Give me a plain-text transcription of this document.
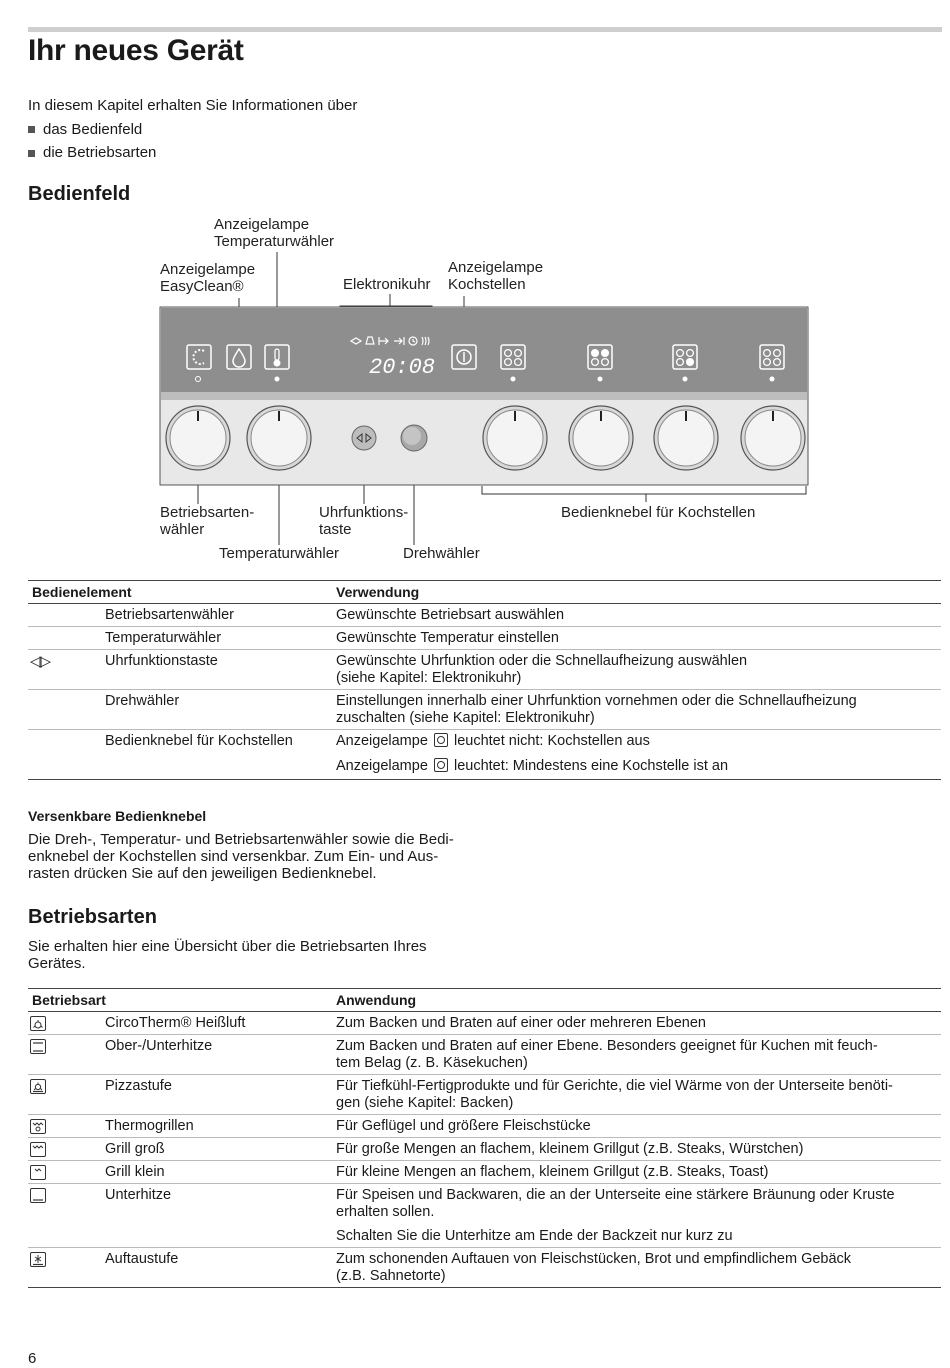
Ihr neues Gerät
In diesem Kapitel erhalten Sie Informationen über
das Bedienfeld
die Betriebsarten
Bedienfeld
Anzeigelampe
Temperaturwähler
Anzeigelampe
EasyClean®	Elektronikuhr
Anzeigelampe
Kochstellen
Betriebsarten-
wähler
Temperaturwähler
Uhrfunktions-
taste
Drehwähler
Bedienknebel für Kochstellen
20:08
Bedienelement		Verwendung
	Betriebsartenwähler	Gewünschte Betriebsart auswählen
	Temperaturwähler	Gewünschte Temperatur einstellen
◁▷	Uhrfunktionstaste	Gewünschte Uhrfunktion oder die Schnellaufheizung auswählen
(siehe Kapitel: Elektronikuhr)

	Drehwähler	Einstellungen innerhalb einer Uhrfunktion vornehmen oder die Schnellaufheizung
zuschalten (siehe Kapitel: Elektronikuhr)

	Bedienknebel für Kochstellen	Anzeigelampe leuchtet nicht: Kochstellen aus
Anzeigelampe leuchtet: Mindestens eine Kochstelle ist an
Versenkbare Bedienknebel
Die Dreh-, Temperatur- und Betriebsartenwähler sowie die Bedi-
enknebel der Kochstellen sind versenkbar. Zum Ein- und Aus-
rasten drücken Sie auf den jeweiligen Bedienknebel.
Betriebsarten
Sie erhalten hier eine Übersicht über die Betriebsarten Ihres
Gerätes.
Betriebsart		Anwendung

	CircoTherm® Heißluft	Zum Backen und Braten auf einer oder mehreren Ebenen

	Ober-/Unterhitze	Zum Backen und Braten auf einer Ebene. Besonders geeignet für Kuchen mit feuch-
tem Belag (z. B. Käsekuchen)

	Pizzastufe	Für Tiefkühl-Fertigprodukte und für Gerichte, die viel Wärme von der Unterseite benöti-
gen (siehe Kapitel: Backen)

	Thermogrillen	Für Geflügel und größere Fleischstücke

	Grill groß	Für große Mengen an flachem, kleinem Grillgut (z.B. Steaks, Würstchen)

	Grill klein	Für kleine Mengen an flachem, kleinem Grillgut (z.B. Steaks, Toast)

	Unterhitze	Für Speisen und Backwaren, die an der Unterseite eine stärkere Bräunung oder Kruste
erhalten sollen.
Schalten Sie die Unterhitze am Ende der Backzeit nur kurz zu

	Auftaustufe	Zum schonenden Auftauen von Fleischstücken, Brot und empfindlichem Gebäck
(z.B. Sahnetorte)
6
